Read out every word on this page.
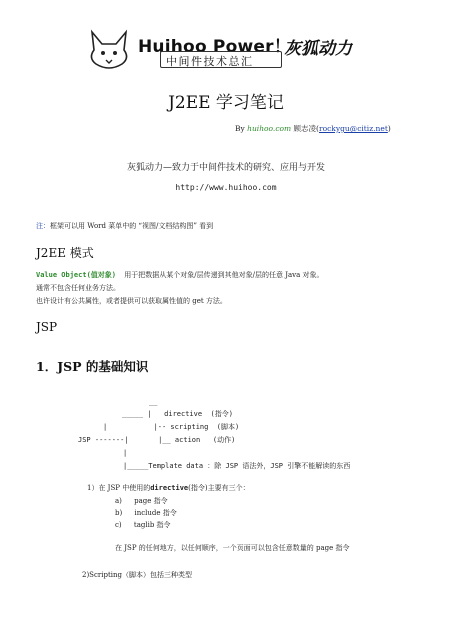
Huihoo Power！
中间件技术总汇
灰狐动力
J2EE 学习笔记
By huihoo.com 顾志凌(rockygu@citiz.net)
灰狐动力—致力于中间件技术的研究、应用与开发
http://www.huihoo.com
注：框架可以用 Word 菜单中的 “视图/文档结构图” 看到
J2EE 模式
Value Object(值对象) 用于把数据从某个对象/层传递到其他对象/层的任意 Java 对象。
通常不包含任何业务方法。
也许设计有公共属性，或者提供可以获取属性值的 get 方法。
JSP
1．JSP 的基础知识
__
_____ |   directive  (指令)
|           |-- scripting  (脚本)
JSP -------|       |__ action   (动作)
|
|_____Template data ：除 JSP 语法外，JSP 引擎不能解读的东西
1）在 JSP 中使用的directive(指令)主要有三个：
a) page 指令
b) include 指令
c) taglib 指令
在 JSP 的任何地方，以任何顺序，一个页面可以包含任意数量的 page 指令
2)Scripting（脚本）包括三种类型
